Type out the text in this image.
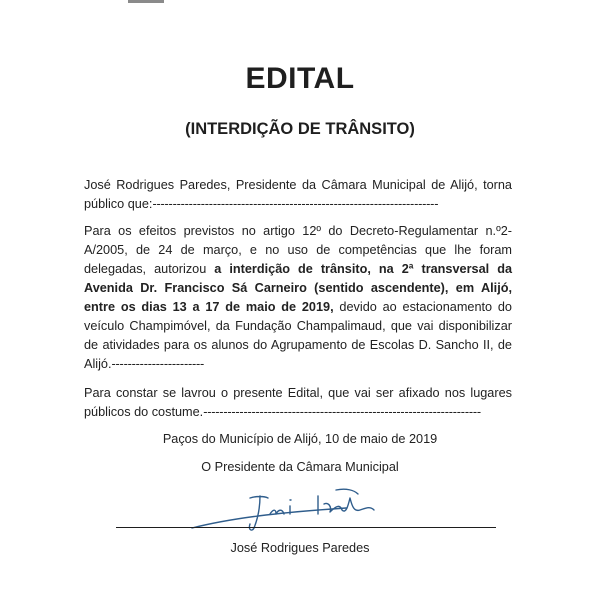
EDITAL
(INTERDIÇÃO DE TRÂNSITO)

José Rodrigues Paredes, Presidente da Câmara Municipal de Alijó, torna público que:-----------------------------------------------------------------------

Para os efeitos previstos no artigo 12º do Decreto-Regulamentar n.º2-A/2005, de 24 de março, e no uso de competências que lhe foram delegadas, autorizou a interdição de trânsito, na 2ª transversal da Avenida Dr. Francisco Sá Carneiro (sentido ascendente), em Alijó, entre os dias 13 a 17 de maio de 2019, devido ao estacionamento do veículo Champimóvel, da Fundação Champalimaud, que vai disponibilizar de atividades para os alunos do Agrupamento de Escolas D. Sancho II, de Alijó.-----------------------

Para constar se lavrou o presente Edital, que vai ser afixado nos lugares públicos do costume.---------------------------------------------------------------------

Paços do Município de Alijó, 10 de maio de 2019
O Presidente da Câmara Municipal
José Rodrigues Paredes
